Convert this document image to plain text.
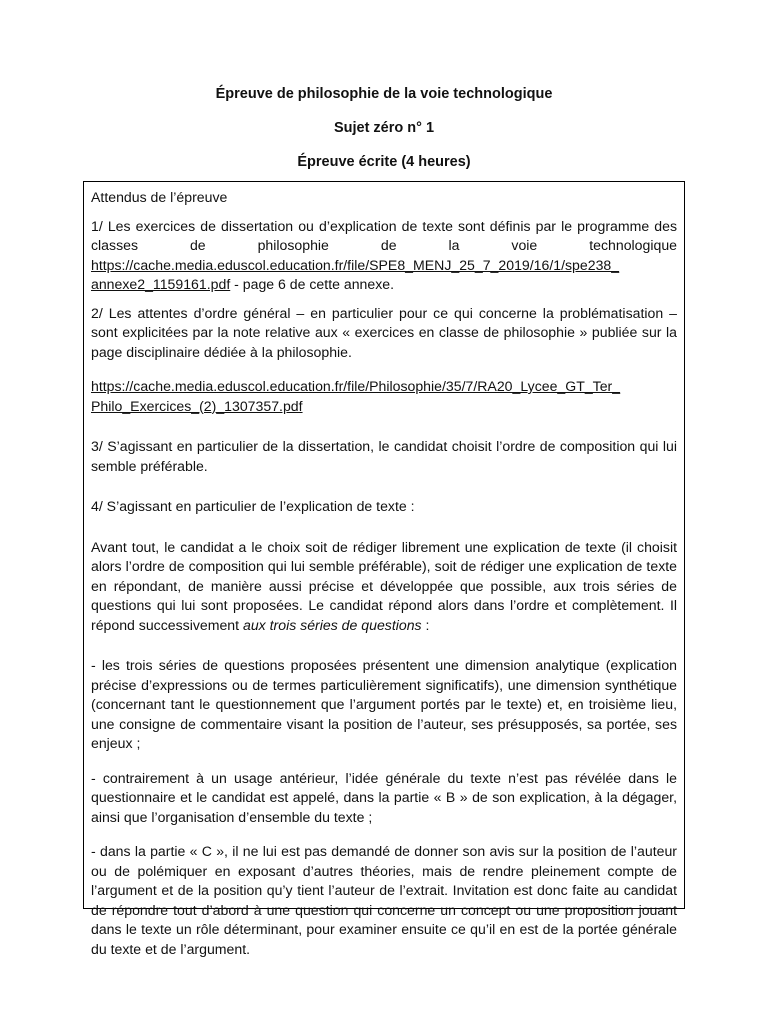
Épreuve de philosophie de la voie technologique
Sujet zéro n° 1
Épreuve écrite (4 heures)

Attendus de l’épreuve

1/ Les exercices de dissertation ou d’explication de texte sont définis par le programme des classes de philosophie de la voie technologique https://cache.media.eduscol.education.fr/file/SPE8_MENJ_25_7_2019/16/1/spe238_
annexe2_1159161.pdf - page 6 de cette annexe.

2/ Les attentes d’ordre général – en particulier pour ce qui concerne la problématisation – sont explicitées par la note relative aux « exercices en classe de philosophie » publiée sur la page disciplinaire dédiée à la philosophie.

https://cache.media.eduscol.education.fr/file/Philosophie/35/7/RA20_Lycee_GT_Ter_
Philo_Exercices_(2)_1307357.pdf

3/ S’agissant en particulier de la dissertation, le candidat choisit l’ordre de composition qui lui semble préférable.

4/ S’agissant en particulier de l’explication de texte :

Avant tout, le candidat a le choix soit de rédiger librement une explication de texte (il choisit alors l’ordre de composition qui lui semble préférable), soit de rédiger une explication de texte en répondant, de manière aussi précise et développée que possible, aux trois séries de questions qui lui sont proposées. Le candidat répond alors dans l’ordre et complètement. Il répond successivement aux trois séries de questions :

- les trois séries de questions proposées présentent une dimension analytique (explication précise d’expressions ou de termes particulièrement significatifs), une dimension synthétique (concernant tant le questionnement que l’argument portés par le texte) et, en troisième lieu, une consigne de commentaire visant la position de l’auteur, ses présupposés, sa portée, ses enjeux ;

- contrairement à un usage antérieur, l’idée générale du texte n’est pas révélée dans le questionnaire et le candidat est appelé, dans la partie « B » de son explication, à la dégager, ainsi que l’organisation d’ensemble du texte ;

- dans la partie « C », il ne lui est pas demandé de donner son avis sur la position de l’auteur ou de polémiquer en exposant d’autres théories, mais de rendre pleinement compte de l’argument et de la position qu’y tient l’auteur de l’extrait. Invitation est donc faite au candidat de répondre tout d’abord à une question qui concerne un concept ou une proposition jouant dans le texte un rôle déterminant, pour examiner ensuite ce qu’il en est de la portée générale du texte et de l’argument.
